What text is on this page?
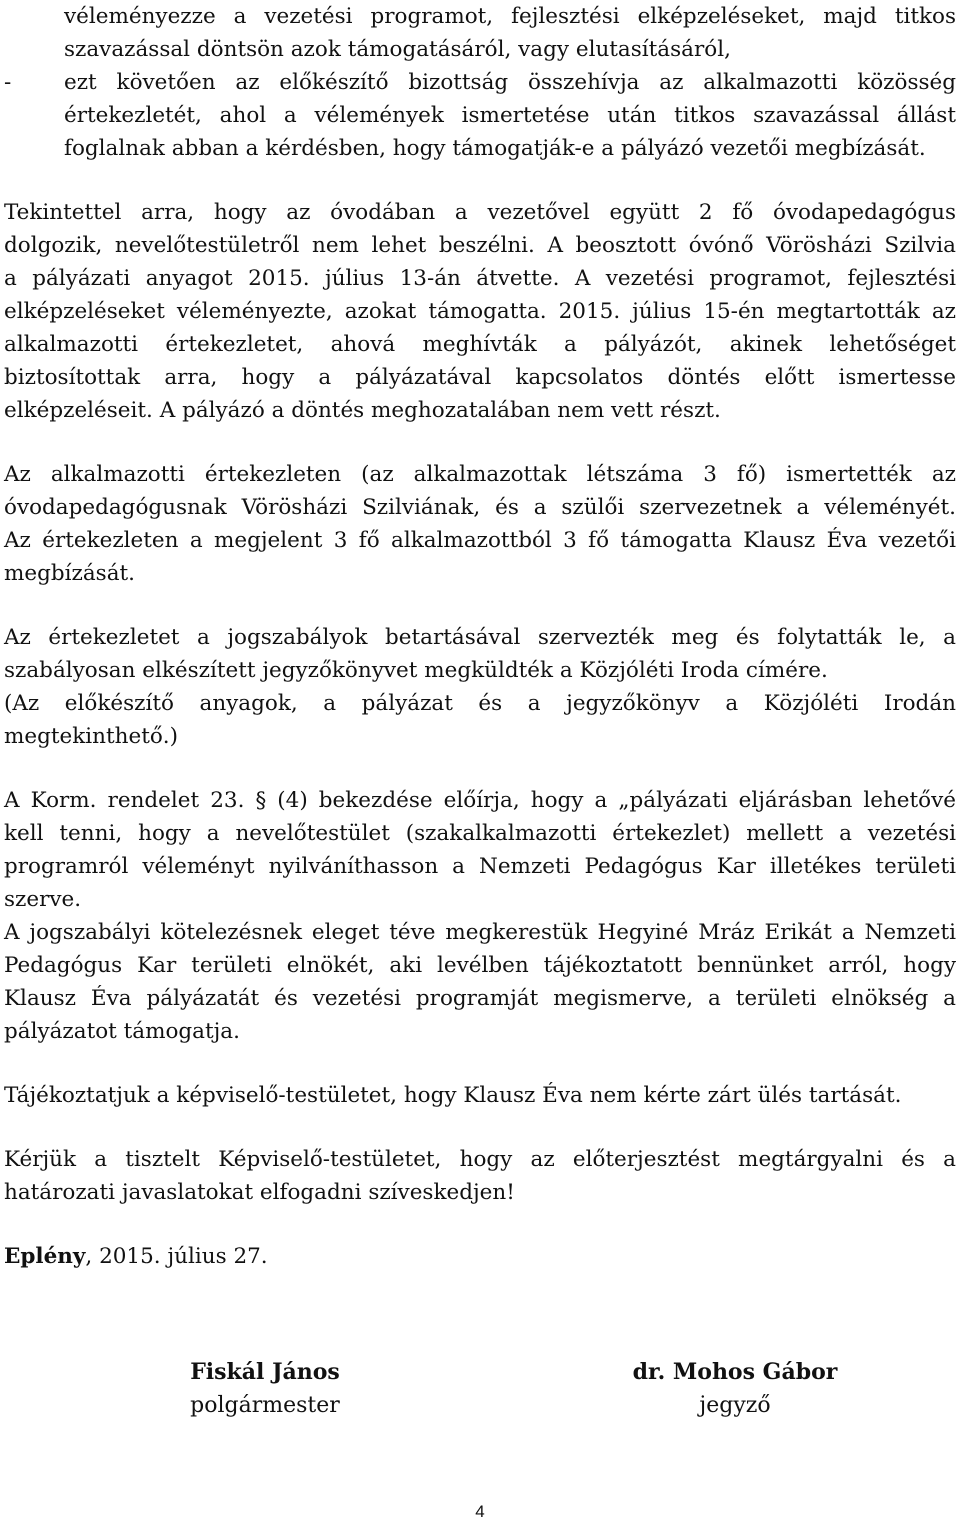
véleményezze a vezetési programot, fejlesztési elképzeléseket, majd titkos
szavazással döntsön azok támogatásáról, vagy elutasításáról,
-	ezt követően az előkészítő bizottság összehívja az alkalmazotti közösség
értekezletét, ahol a vélemények ismertetése után titkos szavazással állást
foglalnak abban a kérdésben, hogy támogatják-e a pályázó vezetői megbízását.
Tekintettel arra, hogy az óvodában a vezetővel együtt 2 fő óvodapedagógus
dolgozik, nevelőtestületről nem lehet beszélni. A beosztott óvónő Vörösházi Szilvia
a pályázati anyagot 2015. július 13-án átvette. A vezetési programot, fejlesztési
elképzeléseket véleményezte, azokat támogatta. 2015. július 15-én megtartották az
alkalmazotti értekezletet, ahová meghívták a pályázót, akinek lehetőséget
biztosítottak arra, hogy a pályázatával kapcsolatos döntés előtt ismertesse
elképzeléseit. A pályázó a döntés meghozatalában nem vett részt.
Az alkalmazotti értekezleten (az alkalmazottak létszáma 3 fő) ismertették az
óvodapedagógusnak Vörösházi Szilviának, és a szülői szervezetnek a véleményét.
Az értekezleten a megjelent 3 fő alkalmazottból 3 fő támogatta Klausz Éva vezetői
megbízását.
Az értekezletet a jogszabályok betartásával szervezték meg és folytatták le, a
szabályosan elkészített jegyzőkönyvet megküldték a Közjóléti Iroda címére.
(Az előkészítő anyagok, a pályázat és a jegyzőkönyv a Közjóléti Irodán
megtekinthető.)
A Korm. rendelet 23. § (4) bekezdése előírja, hogy a „pályázati eljárásban lehetővé
kell tenni, hogy a nevelőtestület (szakalkalmazotti értekezlet) mellett a vezetési
programról véleményt nyilváníthasson a Nemzeti Pedagógus Kar illetékes területi
szerve.
A jogszabályi kötelezésnek eleget téve megkerestük Hegyiné Mráz Erikát a Nemzeti
Pedagógus Kar területi elnökét, aki levélben tájékoztatott bennünket arról, hogy
Klausz Éva pályázatát és vezetési programját megismerve, a területi elnökség a
pályázatot támogatja.
Tájékoztatjuk a képviselő-testületet, hogy Klausz Éva nem kérte zárt ülés tartását.
Kérjük a tisztelt Képviselő-testületet, hogy az előterjesztést megtárgyalni és a
határozati javaslatokat elfogadni szíveskedjen!
Eplény, 2015. július 27.
Fiskál János
polgármester
dr. Mohos Gábor
jegyző
4
